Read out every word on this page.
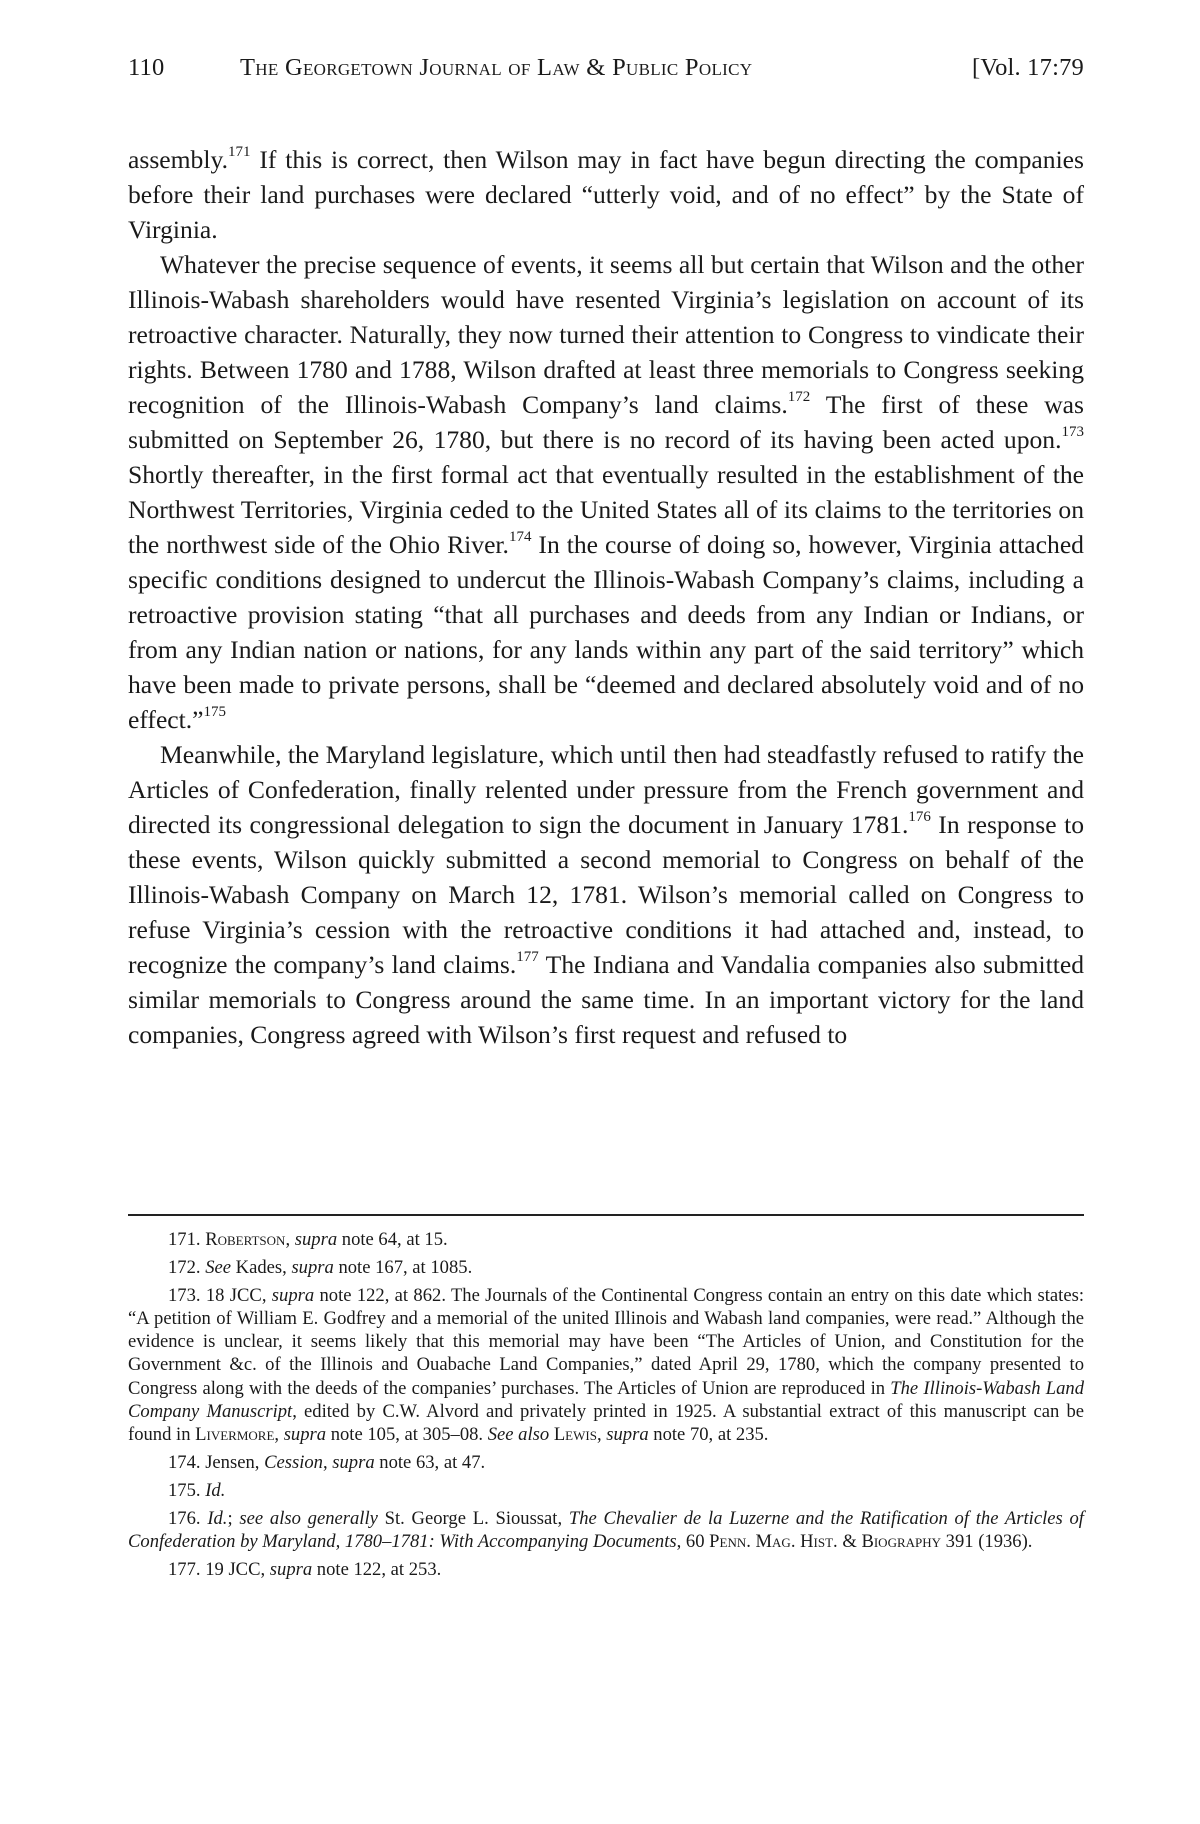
110	The Georgetown Journal of Law & Public Policy	[Vol. 17:79

assembly.$^{171}$ If this is correct, then Wilson may in fact have begun directing the companies before their land purchases were declared “utterly void, and of no effect” by the State of Virginia.

Whatever the precise sequence of events, it seems all but certain that Wilson and the other Illinois-Wabash shareholders would have resented Virginia’s legislation on account of its retroactive character. Naturally, they now turned their attention to Congress to vindicate their rights. Between 1780 and 1788, Wilson drafted at least three memorials to Congress seeking recognition of the Illinois-Wabash Company’s land claims.$^{172}$ The first of these was submitted on September 26, 1780, but there is no record of its having been acted upon.$^{173}$ Shortly thereafter, in the first formal act that eventually resulted in the establishment of the Northwest Territories, Virginia ceded to the United States all of its claims to the territories on the northwest side of the Ohio River.$^{174}$ In the course of doing so, however, Virginia attached specific conditions designed to undercut the Illinois-Wabash Company’s claims, including a retroactive provision stating “that all purchases and deeds from any Indian or Indians, or from any Indian nation or nations, for any lands within any part of the said territory” which have been made to private persons, shall be “deemed and declared absolutely void and of no effect.”$^{175}$

Meanwhile, the Maryland legislature, which until then had steadfastly refused to ratify the Articles of Confederation, finally relented under pressure from the French government and directed its congressional delegation to sign the document in January 1781.$^{176}$ In response to these events, Wilson quickly submitted a second memorial to Congress on behalf of the Illinois-Wabash Company on March 12, 1781. Wilson’s memorial called on Congress to refuse Virginia’s cession with the retroactive conditions it had attached and, instead, to recognize the company’s land claims.$^{177}$ The Indiana and Vandalia companies also submitted similar memorials to Congress around the same time. In an important victory for the land companies, Congress agreed with Wilson’s first request and refused to

171. Robertson, supra note 64, at 15.

172. See Kades, supra note 167, at 1085.

173. 18 JCC, supra note 122, at 862. The Journals of the Continental Congress contain an entry on this date which states: “A petition of William E. Godfrey and a memorial of the united Illinois and Wabash land companies, were read.” Although the evidence is unclear, it seems likely that this memorial may have been “The Articles of Union, and Constitution for the Government &c. of the Illinois and Ouabache Land Companies,” dated April 29, 1780, which the company presented to Congress along with the deeds of the companies’ purchases. The Articles of Union are reproduced in The Illinois-Wabash Land Company Manuscript, edited by C.W. Alvord and privately printed in 1925. A substantial extract of this manuscript can be found in Livermore, supra note 105, at 305–08. See also Lewis, supra note 70, at 235.

174. Jensen, Cession, supra note 63, at 47.

175. Id.

176. Id.; see also generally St. George L. Sioussat, The Chevalier de la Luzerne and the Ratification of the Articles of Confederation by Maryland, 1780–1781: With Accompanying Documents, 60 Penn. Mag. Hist. & Biography 391 (1936).

177. 19 JCC, supra note 122, at 253.
